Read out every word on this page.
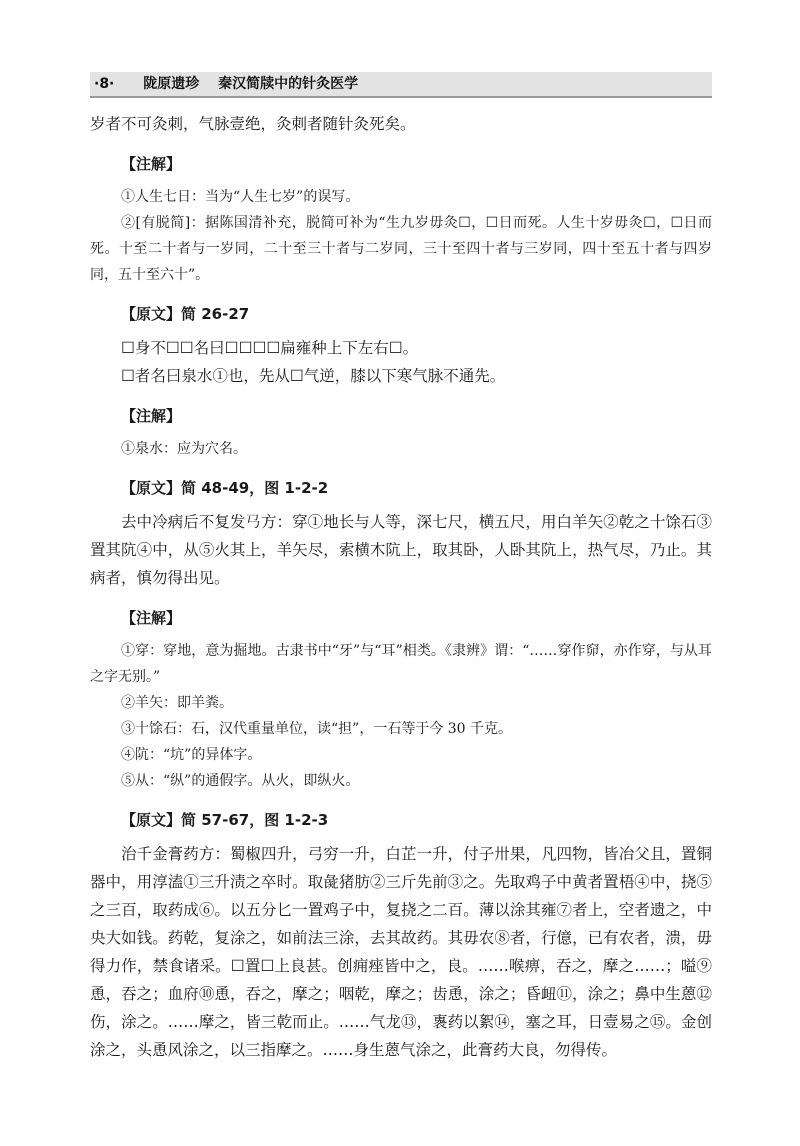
·8· 陇原遗珍 秦汉简牍中的针灸医学

岁者不可灸刺，气脉壹绝，灸刺者随针灸死矣。

【注解】

①人生七日：当为“人生七岁”的误写。

②[有脱简]：据陈国清补充，脱简可补为“生九岁毋灸☐，☐日而死。人生十岁毋灸☐，☐日而死。十至二十者与一岁同，二十至三十者与二岁同，三十至四十者与三岁同，四十至五十者与四岁同，五十至六十”。

【原文】简 26-27

☐身不☐☐名曰☐☐☐☐扁雍种上下左右☐。

☐者名曰泉水①也，先从☐气逆，膝以下寒气脉不通先。

【注解】

①泉水：应为穴名。

【原文】简 48-49，图 1-2-2

去中冷病后不复发𢎘方：穿①地长与人等，深七尺，横五尺，用白羊矢②乾之十馀石③置其阬④中，从⑤火其上，羊矢尽，索横木阬上，取其卧，人卧其阬上，热气尽，乃止。其病者，慎勿得出见。

【注解】

①穿：穿地，意为掘地。古隶书中“牙”与“耳”相类。《隶辨》谓：“……穿作窌，亦作穿，与从耳之字无别。”

②羊矢：即羊粪。

③十馀石：石，汉代重量单位，读“担”，一石等于今 30 千克。

④阬：“坑”的异体字。

⑤从：“纵”的通假字。从火，即纵火。

【原文】简 57-67，图 1-2-3

治千金膏药方：蜀椒四升，弓穷一升，白芷一升，付子卅果，凡四物，皆冶父且，置铜器中，用淳溘①三升渍之卒时。取彘猪肪②三斤先前③之。先取鸡子中黄者置梧④中，挠⑤之三百，取药成⑥。以五分匕一置鸡子中，复挠之二百。薄以涂其雍⑦者上，空者遗之，中央大如钱。药乾，复涂之，如前法三涂，去其故药。其毋农⑧者，行億，已有农者，溃，毋得力作，禁食诸采。☐置☐上良甚。创痈痤皆中之，良。……喉痹，吞之，摩之……；嗌⑨恿，吞之；血府⑩恿，吞之，摩之；咽乾，摩之；齿恿，涂之；昏衄⑪，涂之；鼻中生蒽⑫伤，涂之。……摩之，皆三乾而止。……气龙⑬，褢药以絮⑭，塞之耳，日壹易之⑮。金创涂之，头恿风涂之，以三指摩之。……身生蒽气涂之，此膏药大良，勿得传。
